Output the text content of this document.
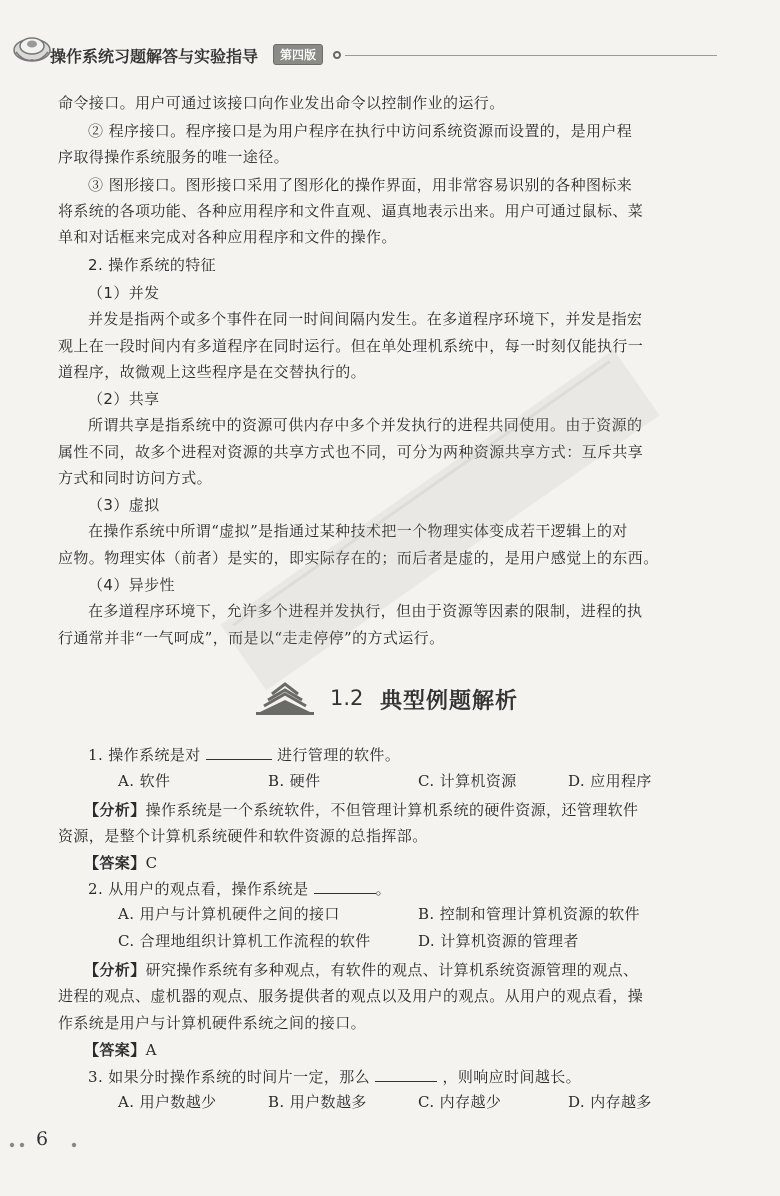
操作系统习题解答与实验指导	第四版
命令接口。用户可通过该接口向作业发出命令以控制作业的运行。
② 程序接口。程序接口是为用户程序在执行中访问系统资源而设置的，是用户程
序取得操作系统服务的唯一途径。
③ 图形接口。图形接口采用了图形化的操作界面，用非常容易识别的各种图标来
将系统的各项功能、各种应用程序和文件直观、逼真地表示出来。用户可通过鼠标、菜
单和对话框来完成对各种应用程序和文件的操作。
2. 操作系统的特征
（1）并发
并发是指两个或多个事件在同一时间间隔内发生。在多道程序环境下，并发是指宏
观上在一段时间内有多道程序在同时运行。但在单处理机系统中，每一时刻仅能执行一
道程序，故微观上这些程序是在交替执行的。
（2）共享
所谓共享是指系统中的资源可供内存中多个并发执行的进程共同使用。由于资源的
属性不同，故多个进程对资源的共享方式也不同，可分为两种资源共享方式：互斥共享
方式和同时访问方式。
（3）虚拟
在操作系统中所谓“虚拟”是指通过某种技术把一个物理实体变成若干逻辑上的对
应物。物理实体（前者）是实的，即实际存在的；而后者是虚的，是用户感觉上的东西。
（4）异步性
在多道程序环境下，允许多个进程并发执行，但由于资源等因素的限制，进程的执
行通常并非“一气呵成”，而是以“走走停停”的方式运行。
1.2 典型例题解析
1. 操作系统是对	进行管理的软件。
A. 软件	B. 硬件	C. 计算机资源	D. 应用程序
【分析】操作系统是一个系统软件，不但管理计算机系统的硬件资源，还管理软件
资源，是整个计算机系统硬件和软件资源的总指挥部。
【答案】C
2. 从用户的观点看，操作系统是	。
A. 用户与计算机硬件之间的接口	B. 控制和管理计算机资源的软件
C. 合理地组织计算机工作流程的软件	D. 计算机资源的管理者
【分析】研究操作系统有多种观点，有软件的观点、计算机系统资源管理的观点、
进程的观点、虚机器的观点、服务提供者的观点以及用户的观点。从用户的观点看，操
作系统是用户与计算机硬件系统之间的接口。
【答案】A
3. 如果分时操作系统的时间片一定，那么	，则响应时间越长。
A. 用户数越少	B. 用户数越多	C. 内存越少	D. 内存越多
6
